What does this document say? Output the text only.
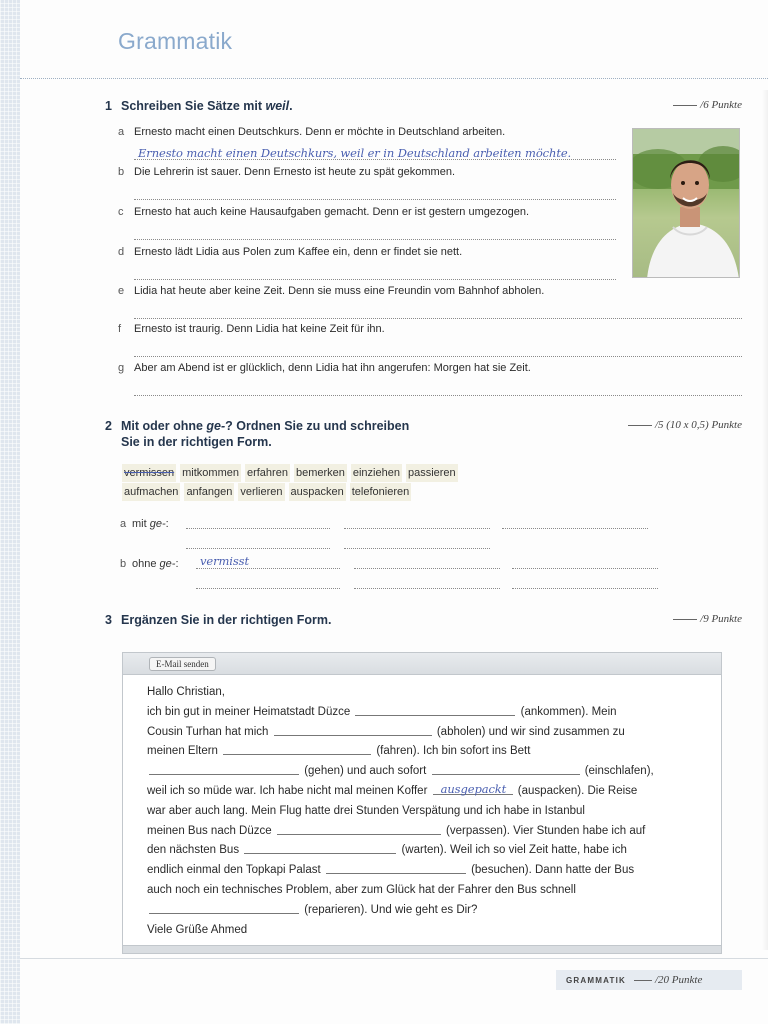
Grammatik
1 Schreiben Sie Sätze mit weil.	/6 Punkte
a Ernesto macht einen Deutschkurs. Denn er möchte in Deutschland arbeiten.
Ernesto macht einen Deutschkurs, weil er in Deutschland arbeiten möchte.
b Die Lehrerin ist sauer. Denn Ernesto ist heute zu spät gekommen.
c Ernesto hat auch keine Hausaufgaben gemacht. Denn er ist gestern umgezogen.
d Ernesto lädt Lidia aus Polen zum Kaffee ein, denn er findet sie nett.
e Lidia hat heute aber keine Zeit. Denn sie muss eine Freundin vom Bahnhof abholen.
f Ernesto ist traurig. Denn Lidia hat keine Zeit für ihn.
g Aber am Abend ist er glücklich, denn Lidia hat ihn angerufen: Morgen hat sie Zeit.
2 Mit oder ohne ge-? Ordnen Sie zu und schreiben
Sie in der richtigen Form.
/5 (10 x 0,5) Punkte
vermissen mitkommen erfahren bemerken einziehen passieren
aufmachen anfangen verlieren auspacken telefonieren
a mit ge-:
b ohne ge-: vermisst
3 Ergänzen Sie in der richtigen Form.	/9 Punkte
E-Mail senden
Hallo Christian,
ich bin gut in meiner Heimatstadt Düzce	(ankommen). Mein
Cousin Turhan hat mich	(abholen) und wir sind zusammen zu
meinen Eltern	(fahren). Ich bin sofort ins Bett
(gehen) und auch sofort	(einschlafen),
weil ich so müde war. Ich habe nicht mal meinen Koffer ausgepackt (auspacken). Die Reise
war aber auch lang. Mein Flug hatte drei Stunden Verspätung und ich habe in Istanbul
meinen Bus nach Düzce	(verpassen). Vier Stunden habe ich auf
den nächsten Bus	(warten). Weil ich so viel Zeit hatte, habe ich
endlich einmal den Topkapi Palast	(besuchen). Dann hatte der Bus
auch noch ein technisches Problem, aber zum Glück hat der Fahrer den Bus schnell
(reparieren). Und wie geht es Dir?
Viele Grüße Ahmed
GRAMMATIK	/20 Punkte
